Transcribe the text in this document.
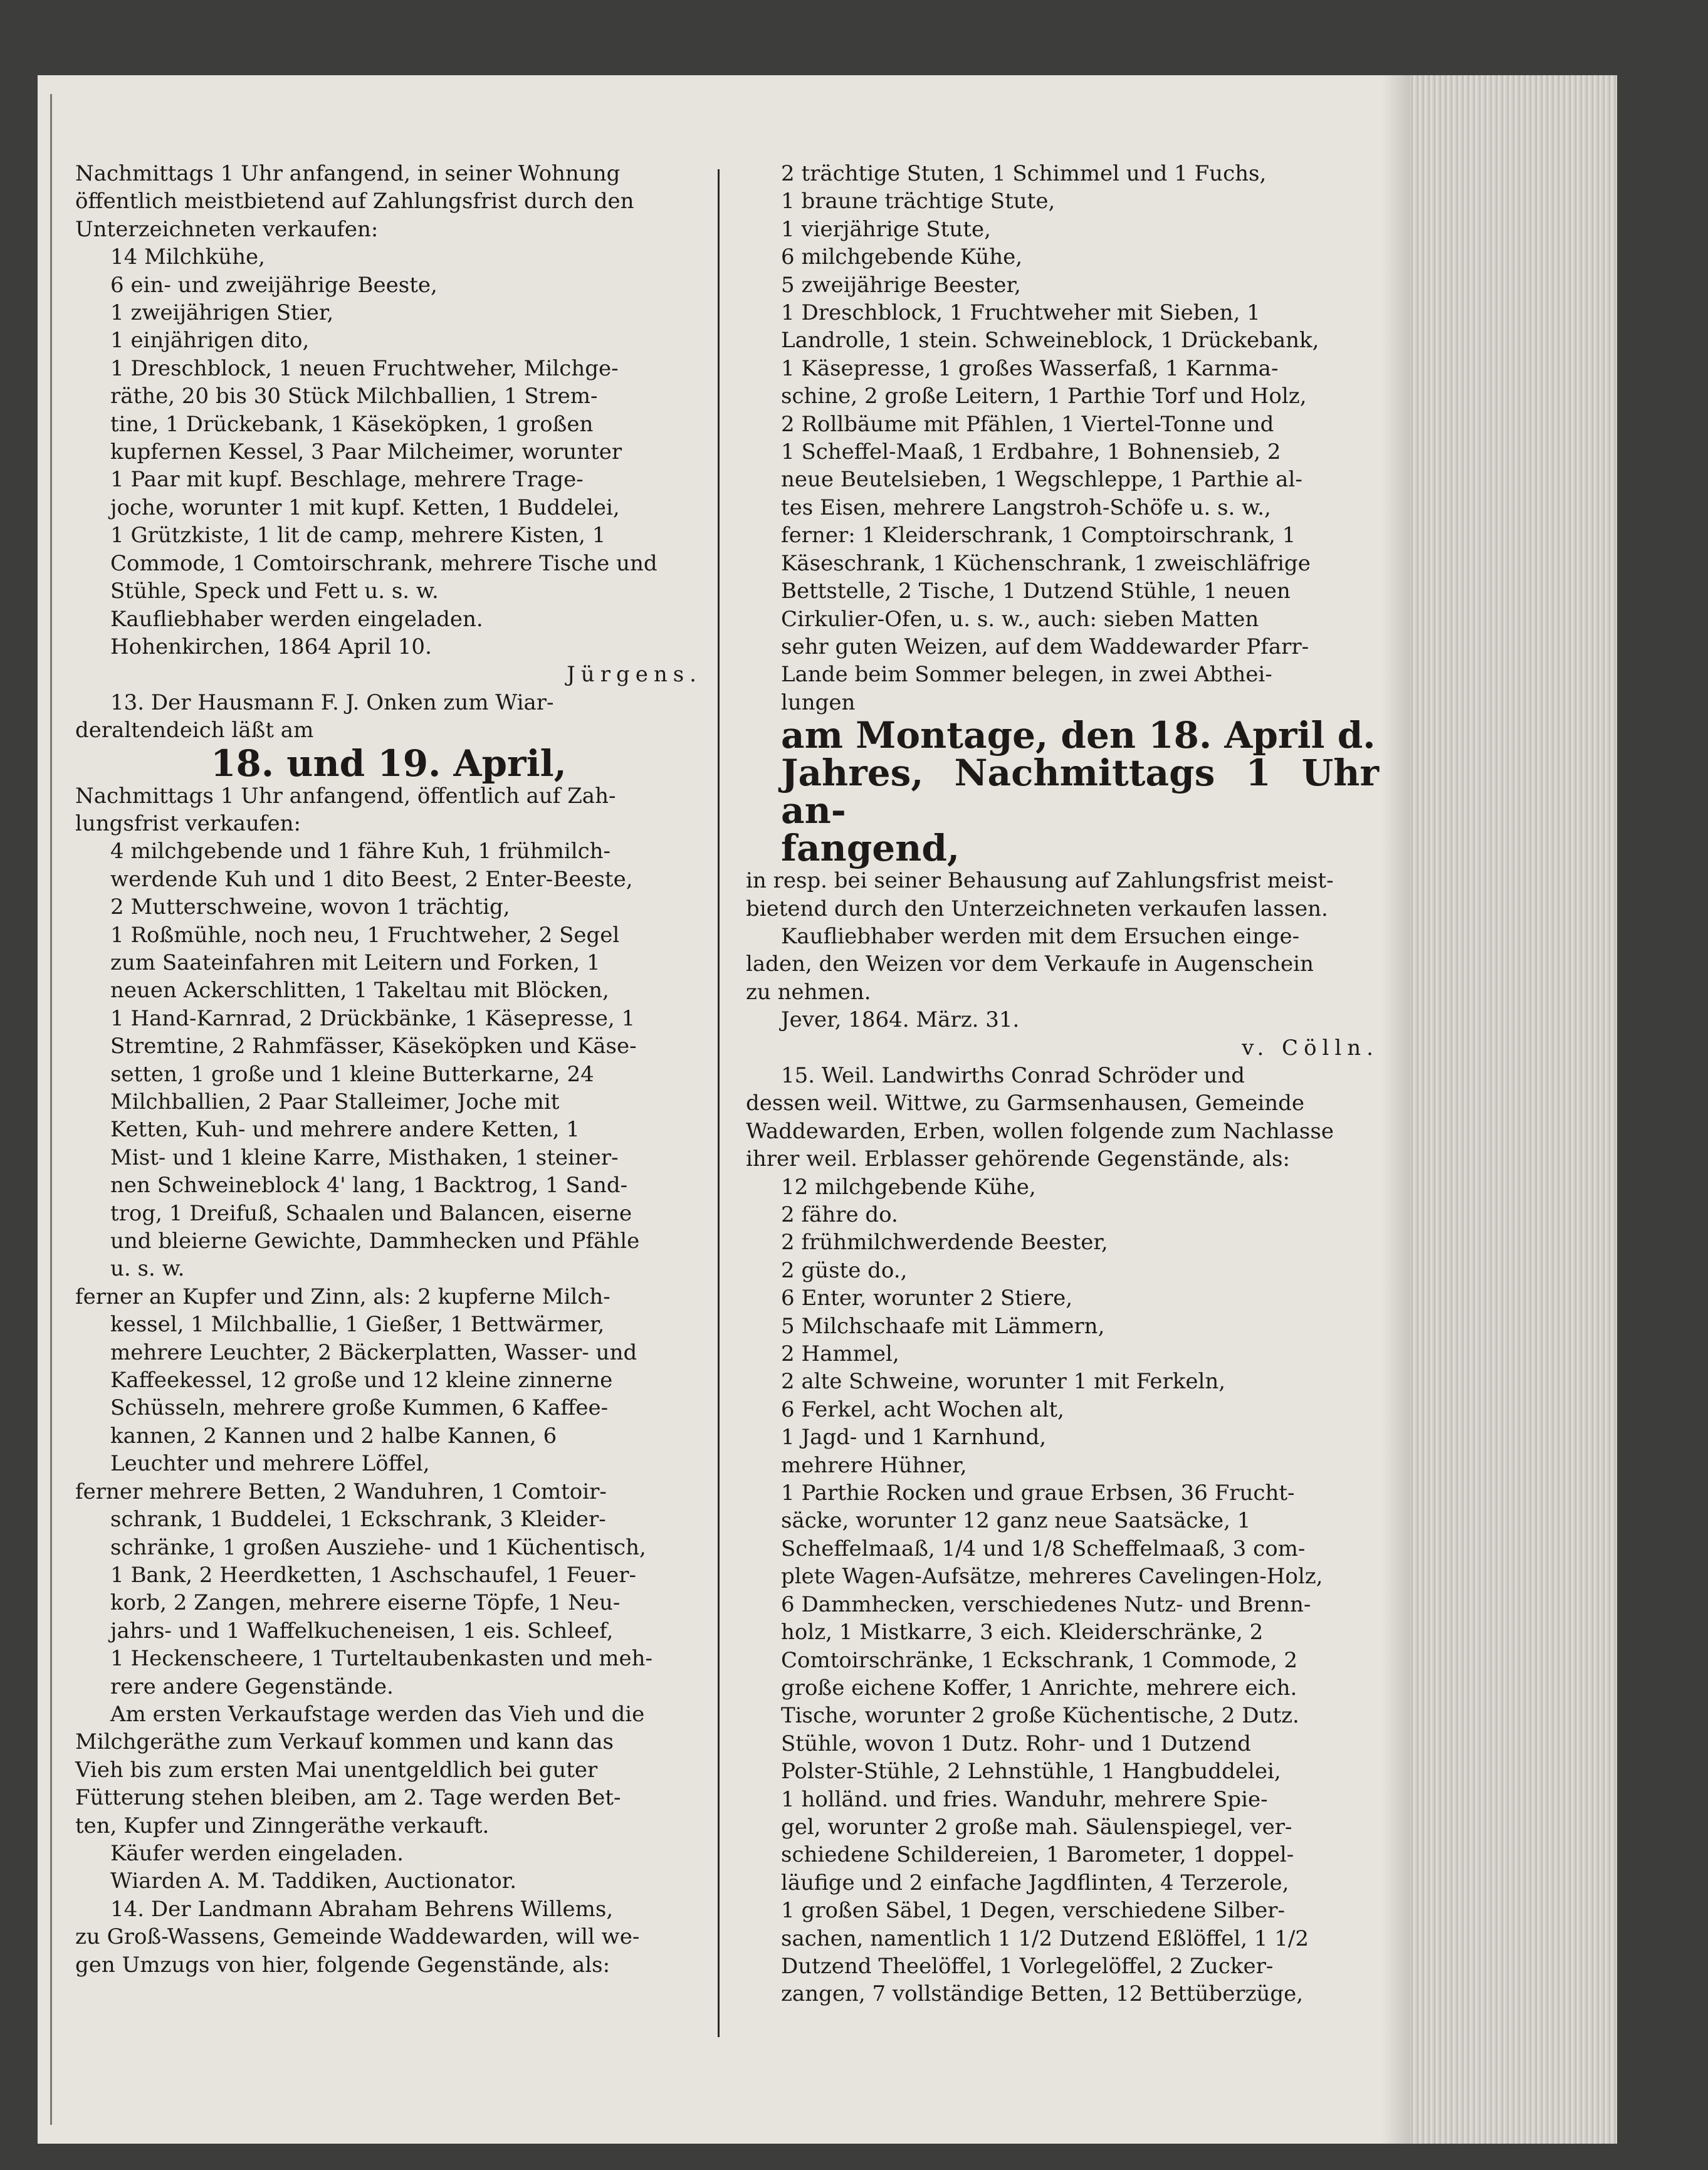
Nachmittags 1 Uhr anfangend, in seiner Wohnung

öffentlich meistbietend auf Zahlungsfrist durch den

Unterzeichneten verkaufen:

14 Milchkühe,

6 ein- und zweijährige Beeste,

1 zweijährigen Stier,

1 einjährigen dito,

1 Dreschblock, 1 neuen Fruchtweher, Milchge-

räthe, 20 bis 30 Stück Milchballien, 1 Strem-

tine, 1 Drückebank, 1 Käseköpken, 1 großen

kupfernen Kessel, 3 Paar Milcheimer, worunter

1 Paar mit kupf. Beschlage, mehrere Trage-

joche, worunter 1 mit kupf. Ketten, 1 Buddelei,

1 Grützkiste, 1 lit de camp, mehrere Kisten, 1

Commode, 1 Comtoirschrank, mehrere Tische und

Stühle, Speck und Fett u. s. w.

Kaufliebhaber werden eingeladen.

Hohenkirchen, 1864 April 10.

Jürgens.

13. Der Hausmann F. J. Onken zum Wiar-

deraltendeich läßt am

18. und 19. April,

Nachmittags 1 Uhr anfangend, öffentlich auf Zah-

lungsfrist verkaufen:

4 milchgebende und 1 fähre Kuh, 1 frühmilch-

werdende Kuh und 1 dito Beest, 2 Enter-Beeste,

2 Mutterschweine, wovon 1 trächtig,

1 Roßmühle, noch neu, 1 Fruchtweher, 2 Segel

zum Saateinfahren mit Leitern und Forken, 1

neuen Ackerschlitten, 1 Takeltau mit Blöcken,

1 Hand-Karnrad, 2 Drückbänke, 1 Käsepresse, 1

Stremtine, 2 Rahmfässer, Käseköpken und Käse-

setten, 1 große und 1 kleine Butterkarne, 24

Milchballien, 2 Paar Stalleimer, Joche mit

Ketten, Kuh- und mehrere andere Ketten, 1

Mist- und 1 kleine Karre, Misthaken, 1 steiner-

nen Schweineblock 4' lang, 1 Backtrog, 1 Sand-

trog, 1 Dreifuß, Schaalen und Balancen, eiserne

und bleierne Gewichte, Dammhecken und Pfähle

u. s. w.

ferner an Kupfer und Zinn, als: 2 kupferne Milch-

kessel, 1 Milchballie, 1 Gießer, 1 Bettwärmer,

mehrere Leuchter, 2 Bäckerplatten, Wasser- und

Kaffeekessel, 12 große und 12 kleine zinnerne

Schüsseln, mehrere große Kummen, 6 Kaffee-

kannen, 2 Kannen und 2 halbe Kannen, 6

Leuchter und mehrere Löffel,

ferner mehrere Betten, 2 Wanduhren, 1 Comtoir-

schrank, 1 Buddelei, 1 Eckschrank, 3 Kleider-

schränke, 1 großen Ausziehe- und 1 Küchentisch,

1 Bank, 2 Heerdketten, 1 Aschschaufel, 1 Feuer-

korb, 2 Zangen, mehrere eiserne Töpfe, 1 Neu-

jahrs- und 1 Waffelkucheneisen, 1 eis. Schleef,

1 Heckenscheere, 1 Turteltaubenkasten und meh-

rere andere Gegenstände.

Am ersten Verkaufstage werden das Vieh und die

Milchgeräthe zum Verkauf kommen und kann das

Vieh bis zum ersten Mai unentgeldlich bei guter

Fütterung stehen bleiben, am 2. Tage werden Bet-

ten, Kupfer und Zinngeräthe verkauft.

Käufer werden eingeladen.

Wiarden A. M. Taddiken, Auctionator.

14. Der Landmann Abraham Behrens Willems,

zu Groß-Wassens, Gemeinde Waddewarden, will we-

gen Umzugs von hier, folgende Gegenstände, als:

2 trächtige Stuten, 1 Schimmel und 1 Fuchs,

1 braune trächtige Stute,

1 vierjährige Stute,

6 milchgebende Kühe,

5 zweijährige Beester,

1 Dreschblock, 1 Fruchtweher mit Sieben, 1

Landrolle, 1 stein. Schweineblock, 1 Drückebank,

1 Käsepresse, 1 großes Wasserfaß, 1 Karnma-

schine, 2 große Leitern, 1 Parthie Torf und Holz,

2 Rollbäume mit Pfählen, 1 Viertel-Tonne und

1 Scheffel-Maaß, 1 Erdbahre, 1 Bohnensieb, 2

neue Beutelsieben, 1 Wegschleppe, 1 Parthie al-

tes Eisen, mehrere Langstroh-Schöfe u. s. w.,

ferner: 1 Kleiderschrank, 1 Comptoirschrank, 1

Käseschrank, 1 Küchenschrank, 1 zweischläfrige

Bettstelle, 2 Tische, 1 Dutzend Stühle, 1 neuen

Cirkulier-Ofen, u. s. w., auch: sieben Matten

sehr guten Weizen, auf dem Waddewarder Pfarr-

Lande beim Sommer belegen, in zwei Abthei-

lungen

am Montage, den 18. April d.

Jahres, Nachmittags 1 Uhr an-

fangend,

in resp. bei seiner Behausung auf Zahlungsfrist meist-

bietend durch den Unterzeichneten verkaufen lassen.

Kaufliebhaber werden mit dem Ersuchen einge-

laden, den Weizen vor dem Verkaufe in Augenschein

zu nehmen.

Jever, 1864. März. 31.

v. Cölln.

15. Weil. Landwirths Conrad Schröder und

dessen weil. Wittwe, zu Garmsenhausen, Gemeinde

Waddewarden, Erben, wollen folgende zum Nachlasse

ihrer weil. Erblasser gehörende Gegenstände, als:

12 milchgebende Kühe,

2 fähre do.

2 frühmilchwerdende Beester,

2 güste do.,

6 Enter, worunter 2 Stiere,

5 Milchschaafe mit Lämmern,

2 Hammel,

2 alte Schweine, worunter 1 mit Ferkeln,

6 Ferkel, acht Wochen alt,

1 Jagd- und 1 Karnhund,

mehrere Hühner,

1 Parthie Rocken und graue Erbsen, 36 Frucht-

säcke, worunter 12 ganz neue Saatsäcke, 1

Scheffelmaaß, 1/4 und 1/8 Scheffelmaaß, 3 com-

plete Wagen-Aufsätze, mehreres Cavelingen-Holz,

6 Dammhecken, verschiedenes Nutz- und Brenn-

holz, 1 Mistkarre, 3 eich. Kleiderschränke, 2

Comtoirschränke, 1 Eckschrank, 1 Commode, 2

große eichene Koffer, 1 Anrichte, mehrere eich.

Tische, worunter 2 große Küchentische, 2 Dutz.

Stühle, wovon 1 Dutz. Rohr- und 1 Dutzend

Polster-Stühle, 2 Lehnstühle, 1 Hangbuddelei,

1 holländ. und fries. Wanduhr, mehrere Spie-

gel, worunter 2 große mah. Säulenspiegel, ver-

schiedene Schildereien, 1 Barometer, 1 doppel-

läufige und 2 einfache Jagdflinten, 4 Terzerole,

1 großen Säbel, 1 Degen, verschiedene Silber-

sachen, namentlich 1 1/2 Dutzend Eßlöffel, 1 1/2

Dutzend Theelöffel, 1 Vorlegelöffel, 2 Zucker-

zangen, 7 vollständige Betten, 12 Bettüberzüge,
